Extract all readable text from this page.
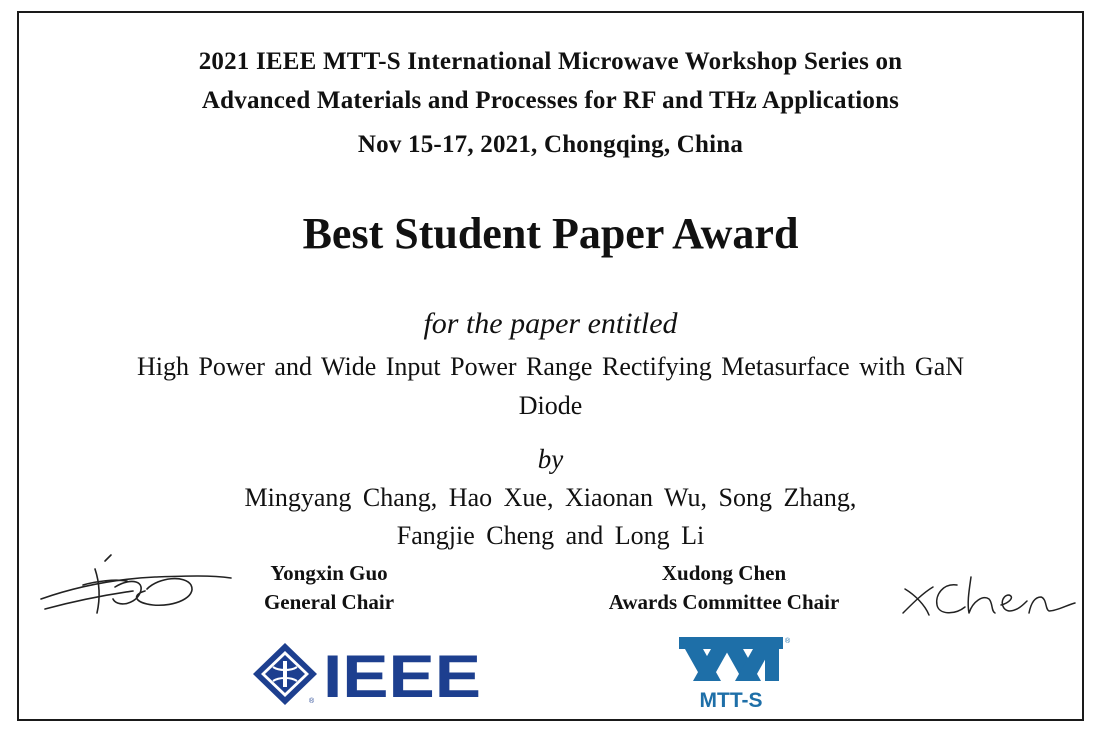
2021 IEEE MTT-S International Microwave Workshop Series on
Advanced Materials and Processes for RF and THz Applications
Nov 15-17, 2021, Chongqing, China
Best Student Paper Award
for the paper entitled
High Power and Wide Input Power Range Rectifying Metasurface with GaN
Diode
by
Mingyang Chang, Hao Xue, Xiaonan Wu, Song Zhang,
Fangjie Cheng and Long Li
Yongxin Guo
General Chair
Xudong Chen
Awards Committee Chair
® IEEE
®
MTT-S
